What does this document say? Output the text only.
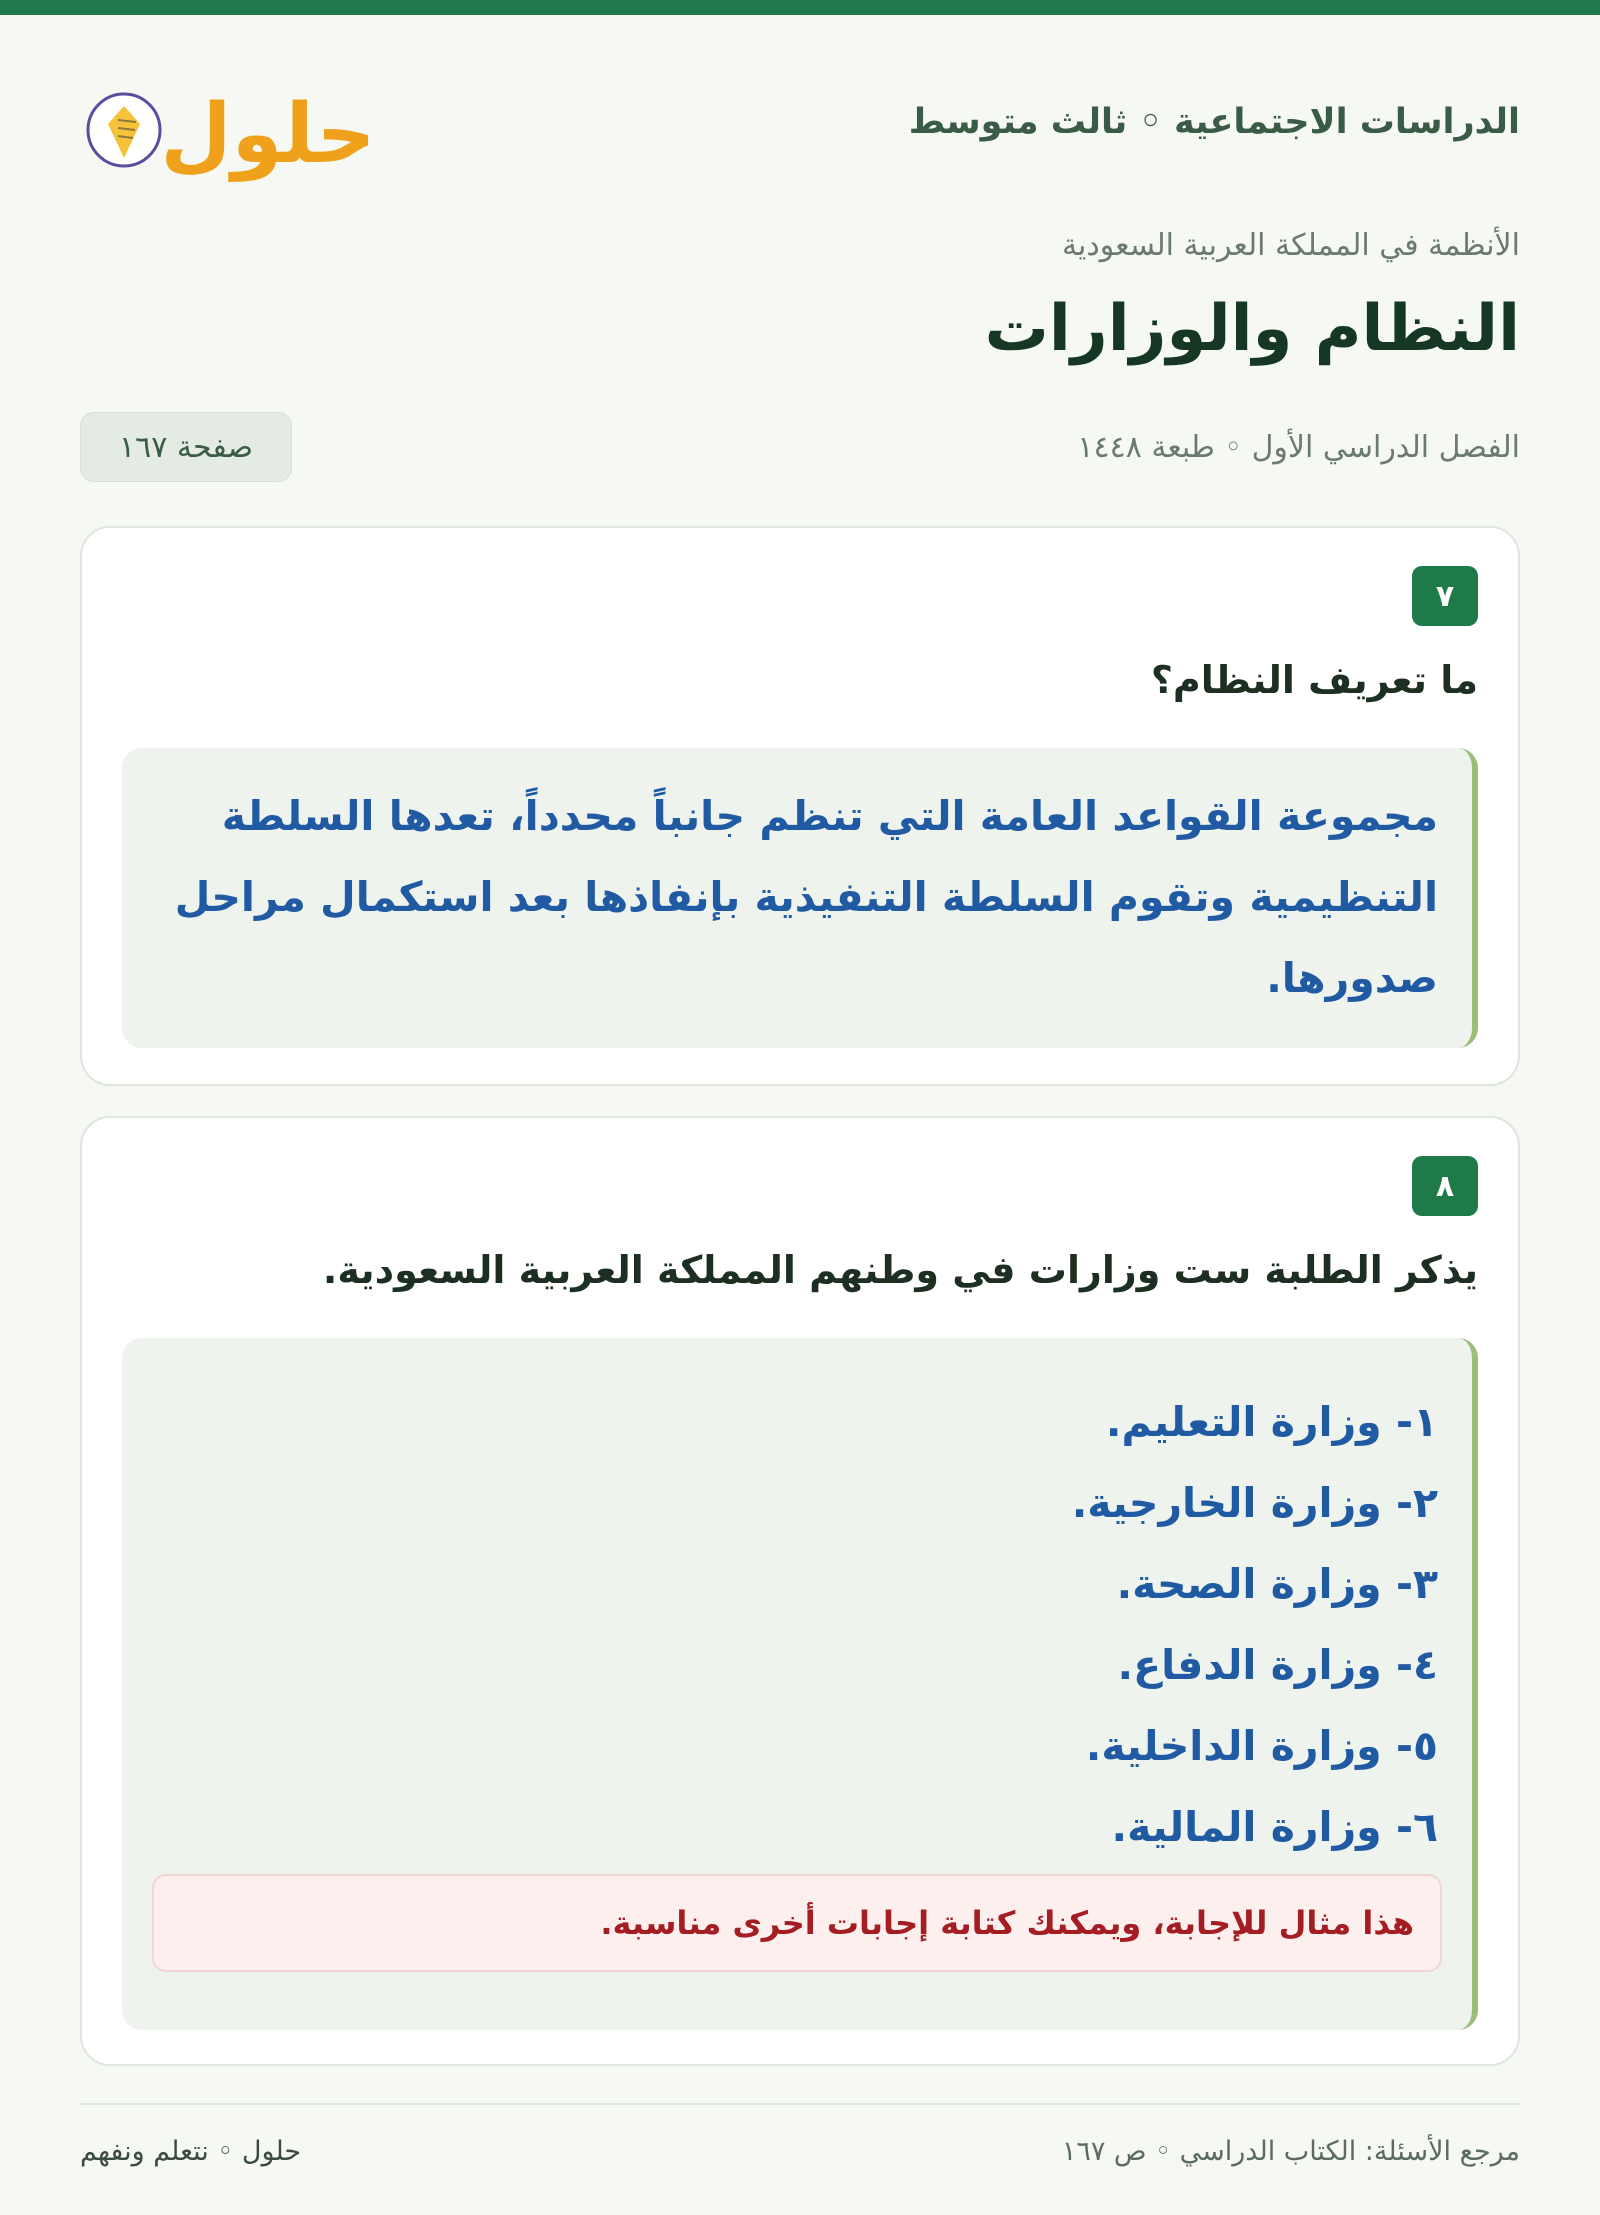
الدراسات الاجتماعية ◦ ثالث متوسط
حلول
الأنظمة في المملكة العربية السعودية
النظام والوزارات
الفصل الدراسي الأول ◦ طبعة ١٤٤٨
صفحة ١٦٧
٧
ما تعريف النظام؟

مجموعة القواعد العامة التي تنظم جانباً محدداً، تعدها السلطة التنظيمية وتقوم السلطة التنفيذية بإنفاذها بعد استكمال مراحل صدورها.

٨
يذكر الطلبة ست وزارات في وطنهم المملكة العربية السعودية.
١- وزارة التعليم.
٢- وزارة الخارجية.
٣- وزارة الصحة.
٤- وزارة الدفاع.
٥- وزارة الداخلية.
٦- وزارة المالية.
هذا مثال للإجابة، ويمكنك كتابة إجابات أخرى مناسبة.
مرجع الأسئلة: الكتاب الدراسي ◦ ص ١٦٧
حلول ◦ نتعلم ونفهم
